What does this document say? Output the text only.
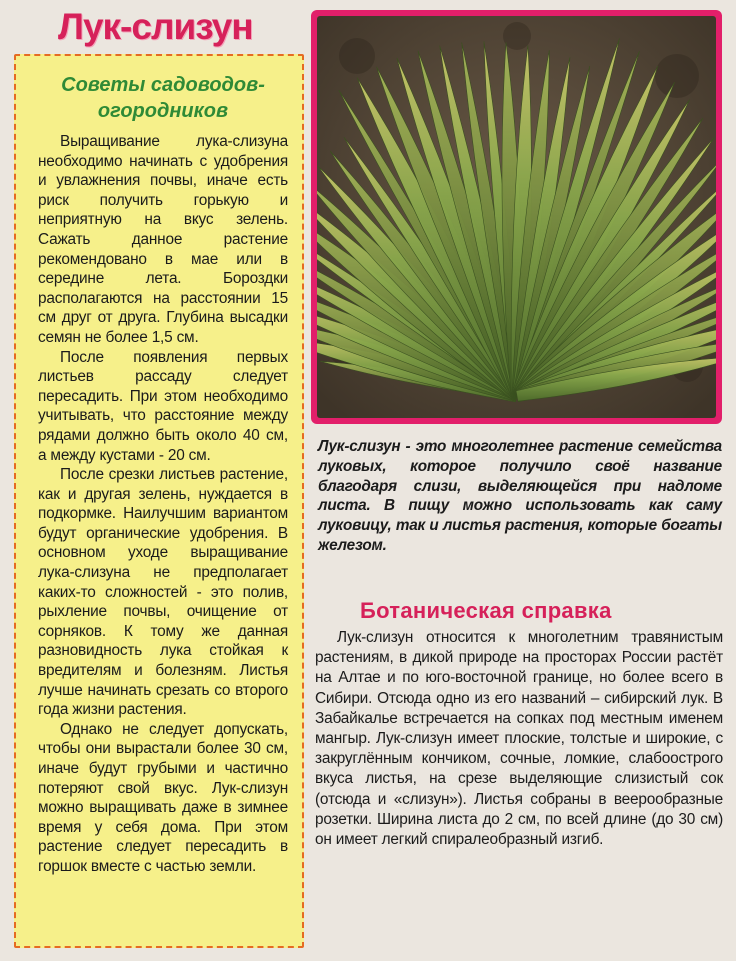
Лук-слизун
Советы садоводов-огородников

Выращивание лука-слизуна необходимо начинать с удобрения и увлажнения почвы, иначе есть риск получить горькую и неприятную на вкус зелень. Сажать данное растение рекомендовано в мае или в середине лета. Бороздки располагаются на расстоянии 15 см друг от друга. Глубина высадки семян не более 1,5 см.

После появления первых листьев рассаду следует пересадить. При этом необходимо учитывать, что расстояние между рядами должно быть около 40 см, а между кустами - 20 см.

После срезки листьев растение, как и другая зелень, нуждается в подкормке. Наилучшим вариантом будут органические удобрения. В основном уходе выращивание лука-слизуна не предполагает каких-то сложностей - это полив, рыхление почвы, очищение от сорняков. К тому же данная разновидность лука стойкая к вредителям и болезням. Листья лучше начинать срезать со второго года жизни растения.

Однако не следует допускать, чтобы они вырастали более 30 см, иначе будут грубыми и частично потеряют свой вкус. Лук-слизун можно выращивать даже в зимнее время у себя дома. При этом растение следует пересадить в горшок вместе с частью земли.

Лук-слизун - это многолетнее растение семейства луковых, которое получило своё название благодаря слизи, выделяющейся при надломе листа. В пищу можно использовать как саму луковицу, так и листья растения, которые богаты железом.

Ботаническая справка

Лук-слизун относится к многолетним травянистым растениям, в дикой природе на просторах России растёт на Алтае и по юго-восточной границе, но более всего в Сибири. Отсюда одно из его названий – сибирский лук. В Забайкалье встречается на сопках под местным именем мангыр. Лук-слизун имеет плоские, толстые и широкие, с закруглённым кончиком, сочные, ломкие, слабоострого вкуса листья, на срезе выделяющие слизистый сок (отсюда и «слизун»). Листья собраны в веерообразные розетки. Ширина листа до 2 см, по всей длине (до 30 см) он имеет легкий спиралеобразный изгиб.
